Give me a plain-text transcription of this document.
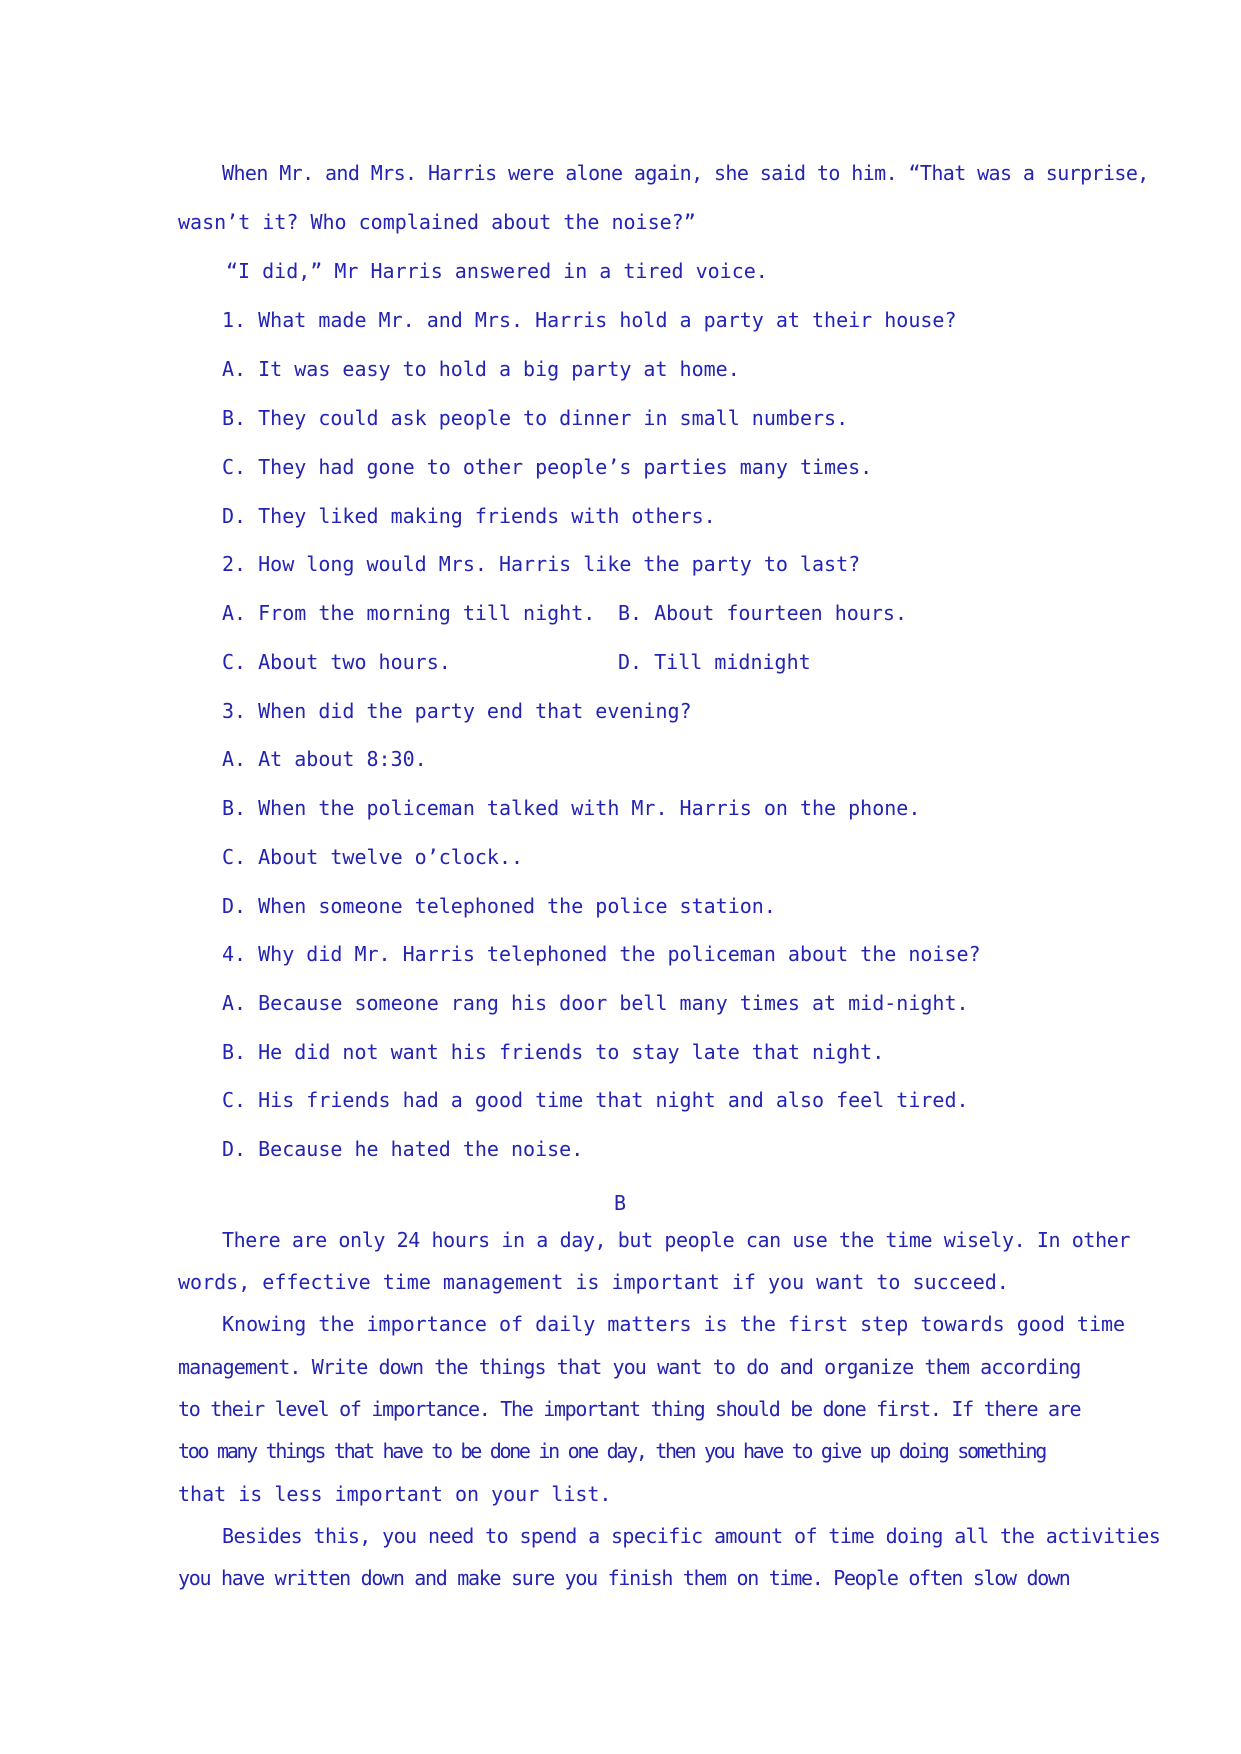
When Mr. and Mrs. Harris were alone again, she said to him. “That was a surprise,
wasn’t it? Who complained about the noise?”
“I did,” Mr Harris answered in a tired voice.
1. What made Mr. and Mrs. Harris hold a party at their house?
A. It was easy to hold a big party at home.
B. They could ask people to dinner in small numbers.
C. They had gone to other people’s parties many times.
D. They liked making friends with others.
2. How long would Mrs. Harris like the party to last?
A. From the morning till night. B. About fourteen hours.
C. About two hours.	D. Till midnight
3. When did the party end that evening?
A. At about 8:30.
B. When the policeman talked with Mr. Harris on the phone.
C. About twelve o’clock..
D. When someone telephoned the police station.
4. Why did Mr. Harris telephoned the policeman about the noise?
A. Because someone rang his door bell many times at mid-night.
B. He did not want his friends to stay late that night.
C. His friends had a good time that night and also feel tired.
D. Because he hated the noise.
B
There are only 24 hours in a day, but people can use the time wisely. In other
words, effective time management is important if you want to succeed.
Knowing the importance of daily matters is the first step towards good time
management. Write down the things that you want to do and organize them according
to their level of importance. The important thing should be done first. If there are
too many things that have to be done in one day, then you have to give up doing something
that is less important on your list.
Besides this, you need to spend a specific amount of time doing all the activities
you have written down and make sure you finish them on time. People often slow down
